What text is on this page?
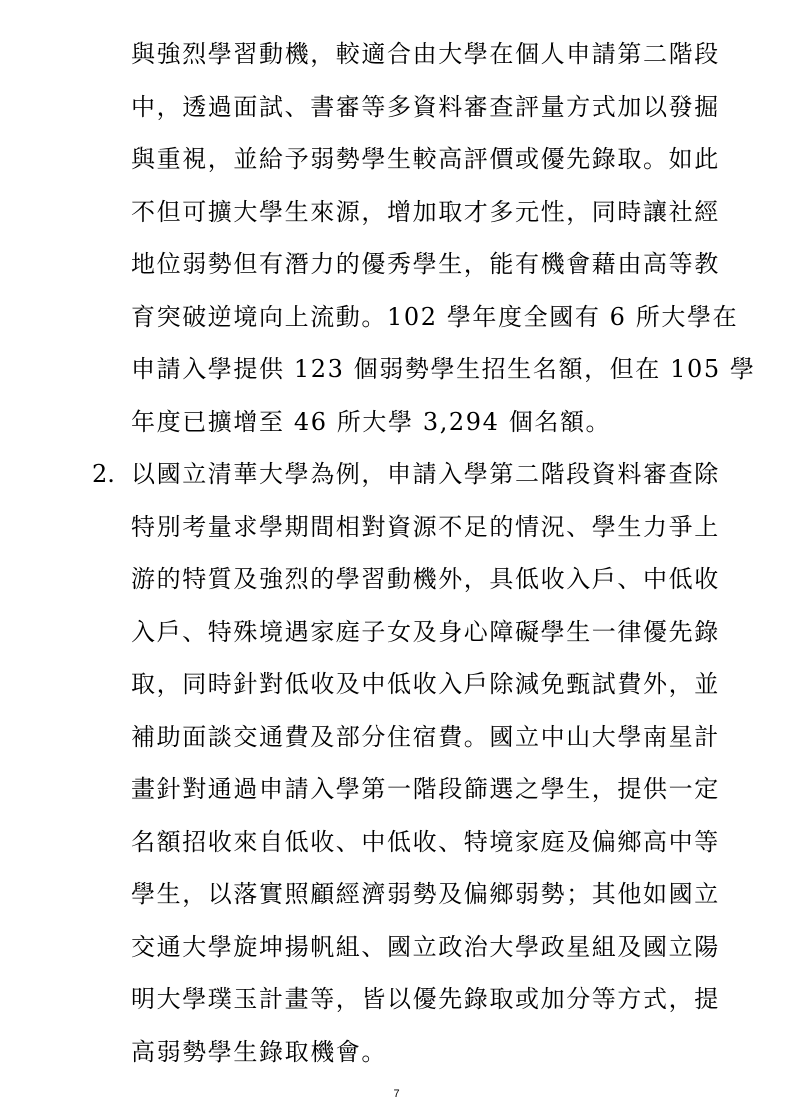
與強烈學習動機，較適合由大學在個人申請第二階段
中，透過面試、書審等多資料審查評量方式加以發掘
與重視，並給予弱勢學生較高評價或優先錄取。如此
不但可擴大學生來源，增加取才多元性，同時讓社經
地位弱勢但有潛力的優秀學生，能有機會藉由高等教
育突破逆境向上流動。102 學年度全國有 6 所大學在
申請入學提供 123 個弱勢學生招生名額，但在 105 學
年度已擴增至 46 所大學 3,294 個名額。
2. 以國立清華大學為例，申請入學第二階段資料審查除
特別考量求學期間相對資源不足的情況、學生力爭上
游的特質及強烈的學習動機外，具低收入戶、中低收
入戶、特殊境遇家庭子女及身心障礙學生一律優先錄
取，同時針對低收及中低收入戶除減免甄試費外，並
補助面談交通費及部分住宿費。國立中山大學南星計
畫針對通過申請入學第一階段篩選之學生，提供一定
名額招收來自低收、中低收、特境家庭及偏鄉高中等
學生，以落實照顧經濟弱勢及偏鄉弱勢；其他如國立
交通大學旋坤揚帆組、國立政治大學政星組及國立陽
明大學璞玉計畫等，皆以優先錄取或加分等方式，提
高弱勢學生錄取機會。
7
